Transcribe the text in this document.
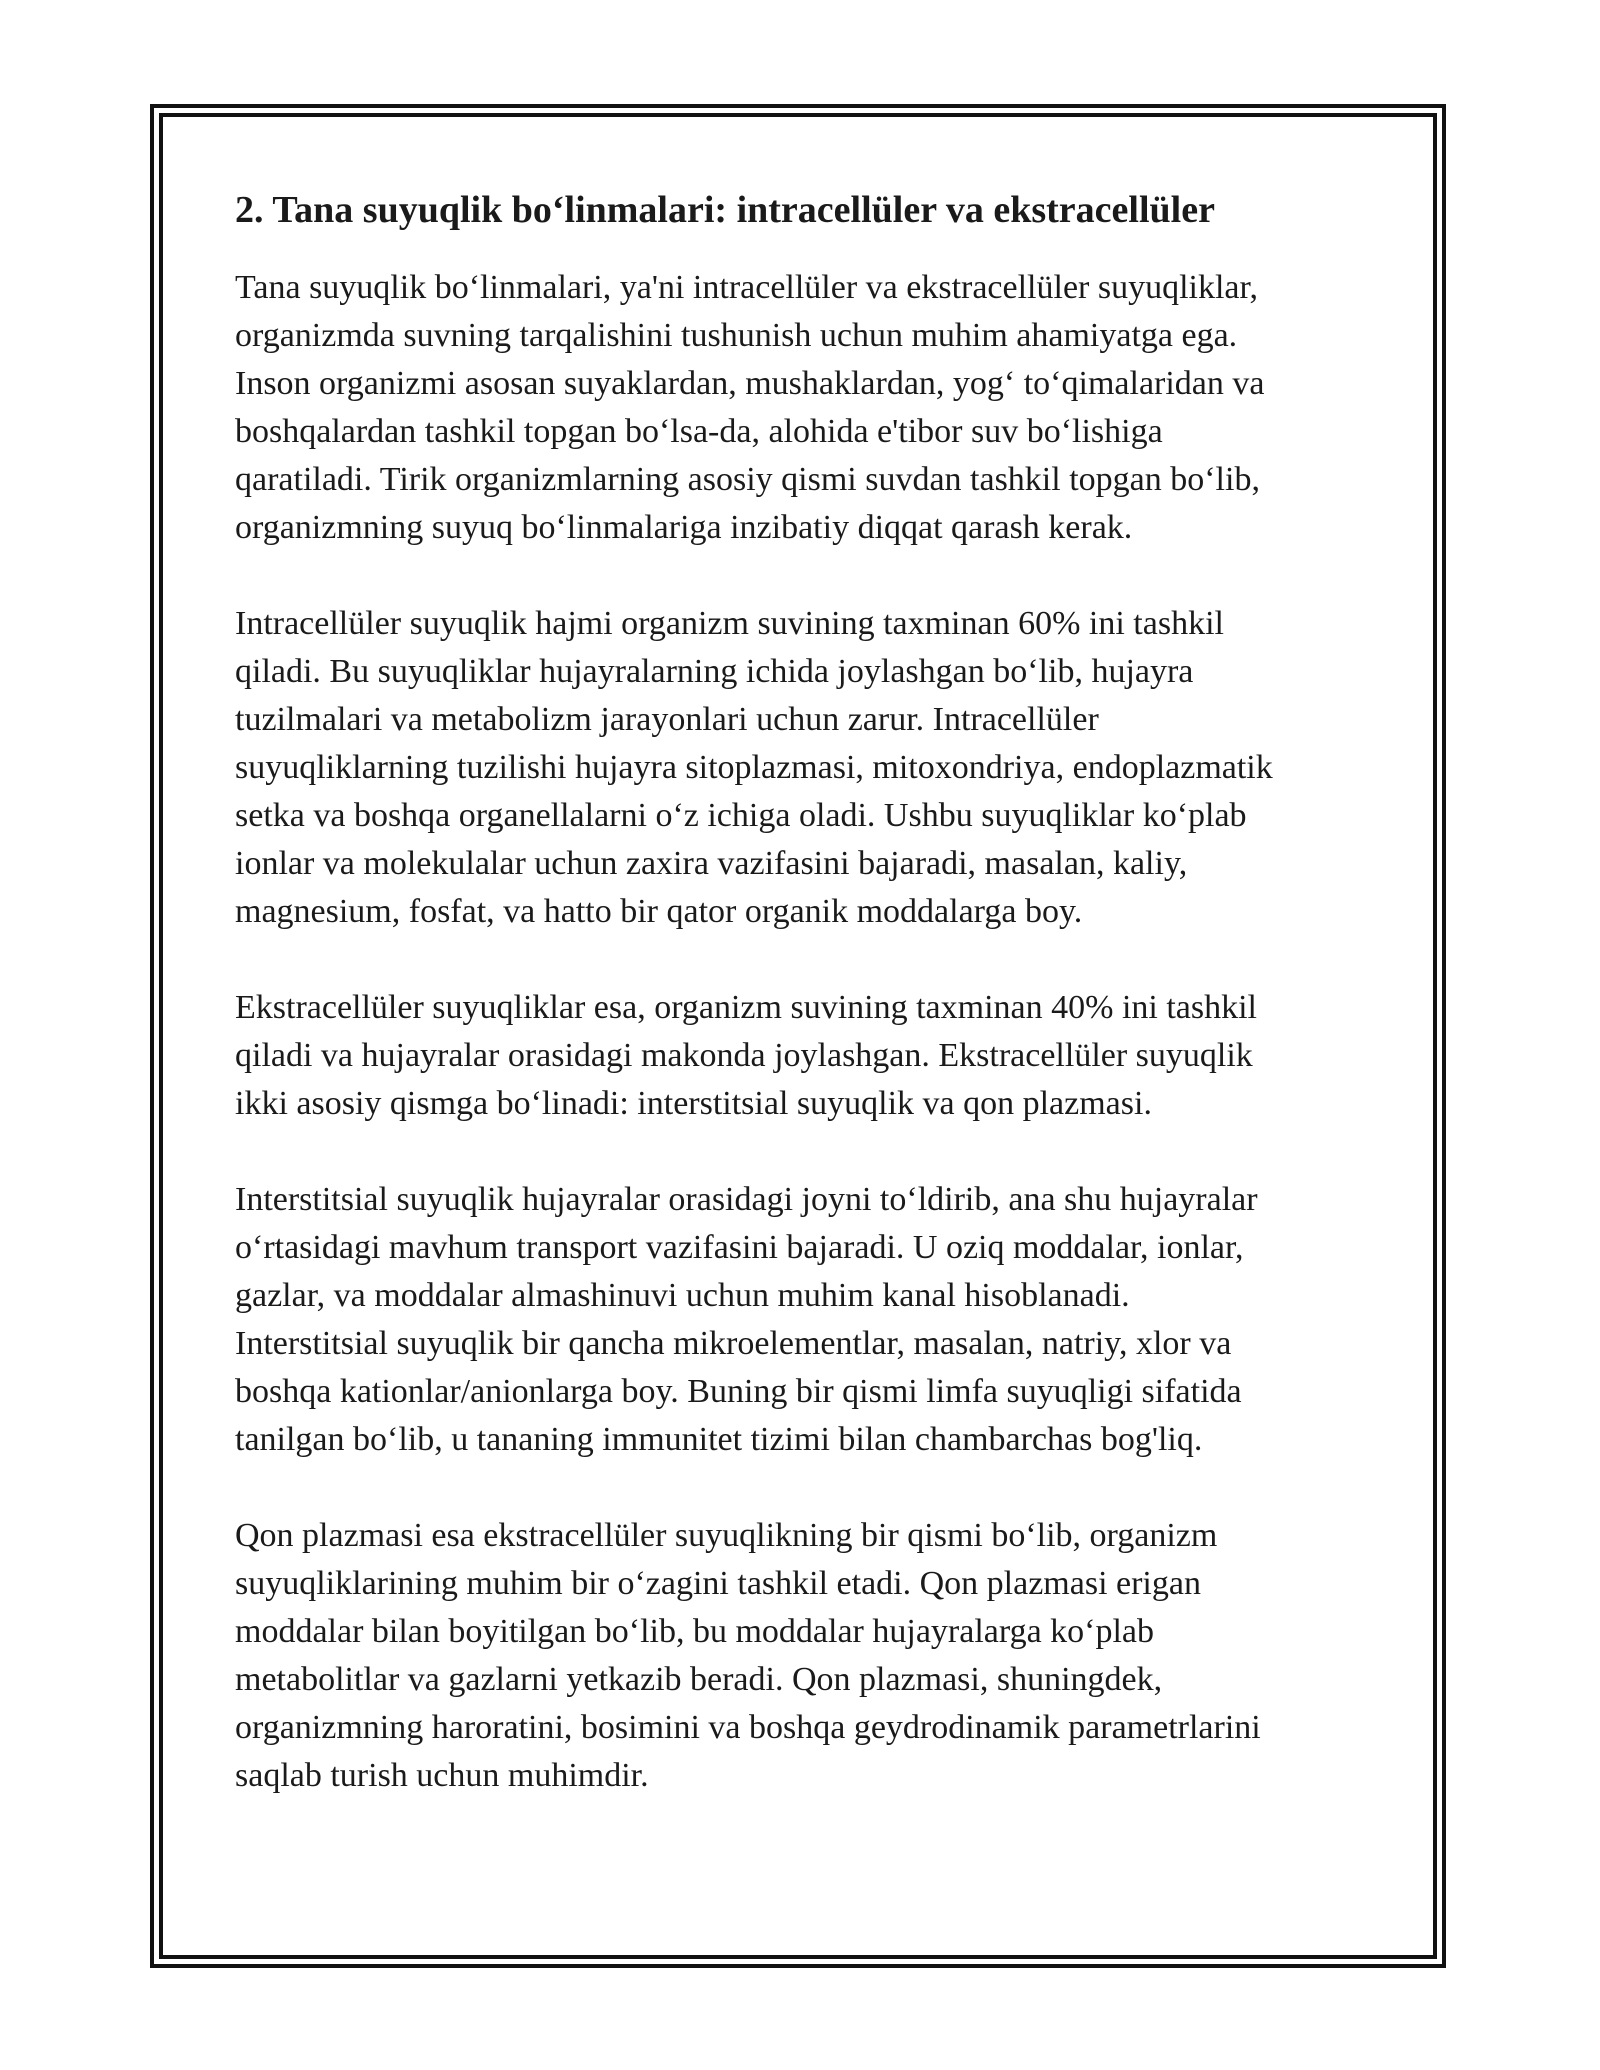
2. Tana suyuqlik bo‘linmalari: intracellüler va ekstracellüler
Tana suyuqlik bo‘linmalari, ya'ni intracellüler va ekstracellüler suyuqliklar,
organizmda suvning tarqalishini tushunish uchun muhim ahamiyatga ega.
Inson organizmi asosan suyaklardan, mushaklardan, yog‘ to‘qimalaridan va
boshqalardan tashkil topgan bo‘lsa-da, alohida e'tibor suv bo‘lishiga
qaratiladi. Tirik organizmlarning asosiy qismi suvdan tashkil topgan bo‘lib,
organizmning suyuq bo‘linmalariga inzibatiy diqqat qarash kerak.
Intracellüler suyuqlik hajmi organizm suvining taxminan 60% ini tashkil
qiladi. Bu suyuqliklar hujayralarning ichida joylashgan bo‘lib, hujayra
tuzilmalari va metabolizm jarayonlari uchun zarur. Intracellüler
suyuqliklarning tuzilishi hujayra sitoplazmasi, mitoxondriya, endoplazmatik
setka va boshqa organellalarni o‘z ichiga oladi. Ushbu suyuqliklar ko‘plab
ionlar va molekulalar uchun zaxira vazifasini bajaradi, masalan, kaliy,
magnesium, fosfat, va hatto bir qator organik moddalarga boy.
Ekstracellüler suyuqliklar esa, organizm suvining taxminan 40% ini tashkil
qiladi va hujayralar orasidagi makonda joylashgan. Ekstracellüler suyuqlik
ikki asosiy qismga bo‘linadi: interstitsial suyuqlik va qon plazmasi.
Interstitsial suyuqlik hujayralar orasidagi joyni to‘ldirib, ana shu hujayralar
o‘rtasidagi mavhum transport vazifasini bajaradi. U oziq moddalar, ionlar,
gazlar, va moddalar almashinuvi uchun muhim kanal hisoblanadi.
Interstitsial suyuqlik bir qancha mikroelementlar, masalan, natriy, xlor va
boshqa kationlar/anionlarga boy. Buning bir qismi limfa suyuqligi sifatida
tanilgan bo‘lib, u tananing immunitet tizimi bilan chambarchas bog'liq.
Qon plazmasi esa ekstracellüler suyuqlikning bir qismi bo‘lib, organizm
suyuqliklarining muhim bir o‘zagini tashkil etadi. Qon plazmasi erigan
moddalar bilan boyitilgan bo‘lib, bu moddalar hujayralarga ko‘plab
metabolitlar va gazlarni yetkazib beradi. Qon plazmasi, shuningdek,
organizmning haroratini, bosimini va boshqa geydrodinamik parametrlarini
saqlab turish uchun muhimdir.
